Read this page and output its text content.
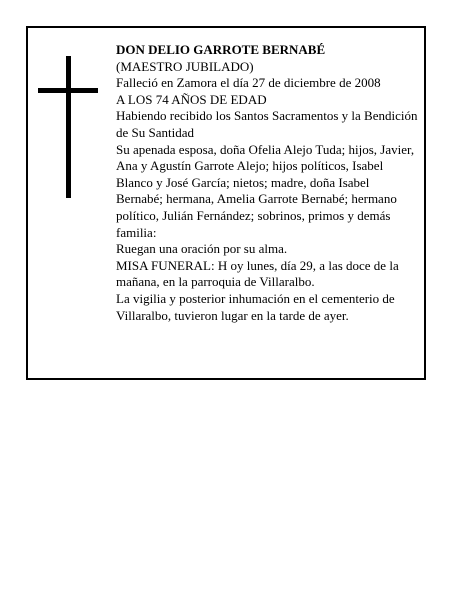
DON DELIO GARROTE BERNABÉ

(MAESTRO JUBILADO)

Falleció en Zamora el día 27 de diciembre de 2008

A LOS 74 AÑOS DE EDAD

Habiendo recibido los Santos Sacramentos y la Bendición de Su Santidad

Su apenada esposa, doña Ofelia Alejo Tuda; hijos, Javier, Ana y Agustín Garrote Alejo; hijos políticos, Isabel Blanco y José García; nietos; madre, doña Isabel Bernabé; hermana, Amelia Garrote Bernabé; hermano político, Julián Fernández; sobrinos, primos y demás familia:

Ruegan una oración por su alma.

MISA FUNERAL: H oy lunes, día 29, a las doce de la mañana, en la parroquia de Villaralbo.

La vigilia y posterior inhumación en el cementerio de Villaralbo, tuvieron lugar en la tarde de ayer.
